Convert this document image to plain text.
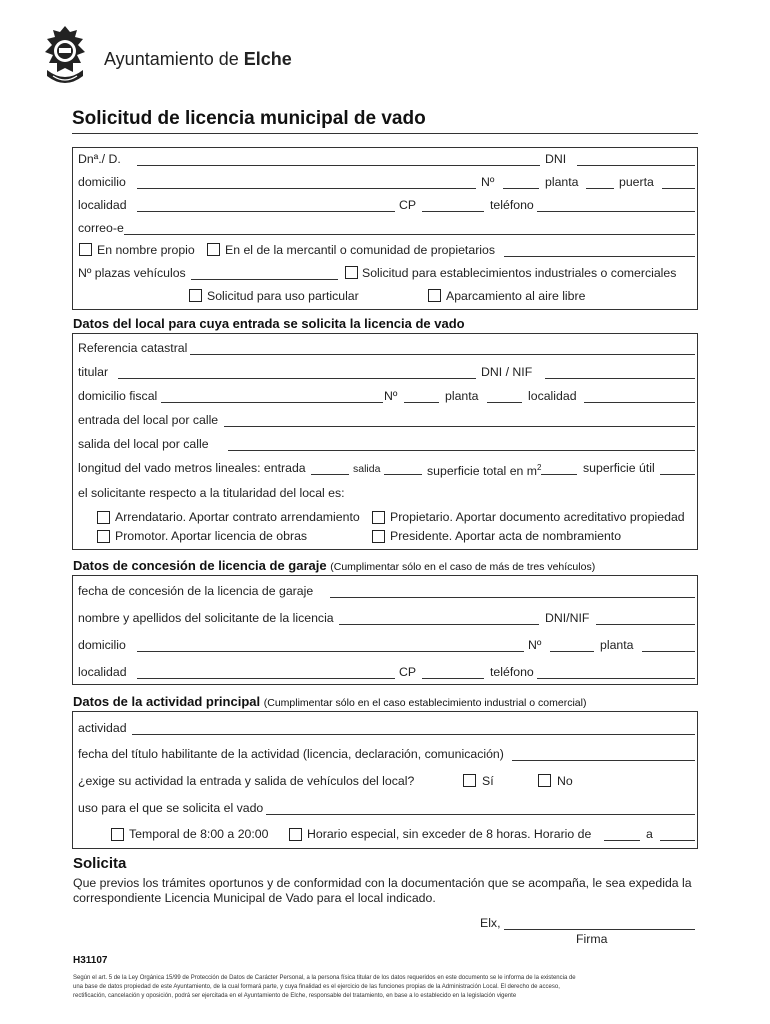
Ayuntamiento de Elche
Solicitud de licencia municipal de vado
Dnª./ D.	DNI
domicilio	Nº	planta	puerta
localidad	CP	teléfono
correo-e
En nombre propio En el de la mercantil o comunidad de propietarios
Nº plazas vehículos	Solicitud para establecimientos industriales o comerciales
Solicitud para uso particular	Aparcamiento al aire libre
Datos del local para cuya entrada se solicita la licencia de vado
Referencia catastral
titular	DNI / NIF
domicilio fiscal	Nº	planta	localidad
entrada del local por calle
salida del local por calle
longitud del vado metros lineales: entrada	salida	superficie total en $m^2$	superficie útil
el solicitante respecto a la titularidad del local es:
Arrendatario. Aportar contrato arrendamiento Propietario. Aportar documento acreditativo propiedad
Promotor. Aportar licencia de obras	Presidente. Aportar acta de nombramiento
Datos de concesión de licencia de garaje (Cumplimentar sólo en el caso de más de tres vehículos)
fecha de concesión de la licencia de garaje
nombre y apellidos del solicitante de la licencia	DNI/NIF
domicilio	Nº	planta
localidad	CP	teléfono
Datos de la actividad principal (Cumplimentar sólo en el caso establecimiento industrial o comercial)
actividad
fecha del título habilitante de la actividad (licencia, declaración, comunicación)
¿exige su actividad la entrada y salida de vehículos del local?	Sí	No
uso para el que se solicita el vado
Temporal de 8:00 a 20:00	Horario especial, sin exceder de 8 horas. Horario de	a
Solicita
Que previos los trámites oportunos y de conformidad con la documentación que se acompaña, le sea expedida la
correspondiente Licencia Municipal de Vado para el local indicado.
Elx,
Firma
H31107
Según el art. 5 de la Ley Orgánica 15/99 de Protección de Datos de Carácter Personal, a la persona física titular de los datos requeridos en este documento se le informa de la existencia de
una base de datos propiedad de este Ayuntamiento, de la cual formará parte, y cuya finalidad es el ejercicio de las funciones propias de la Administración Local. El derecho de acceso,
rectificación, cancelación y oposición, podrá ser ejercitada en el Ayuntamiento de Elche, responsable del tratamiento, en base a lo establecido en la legislación vigente
